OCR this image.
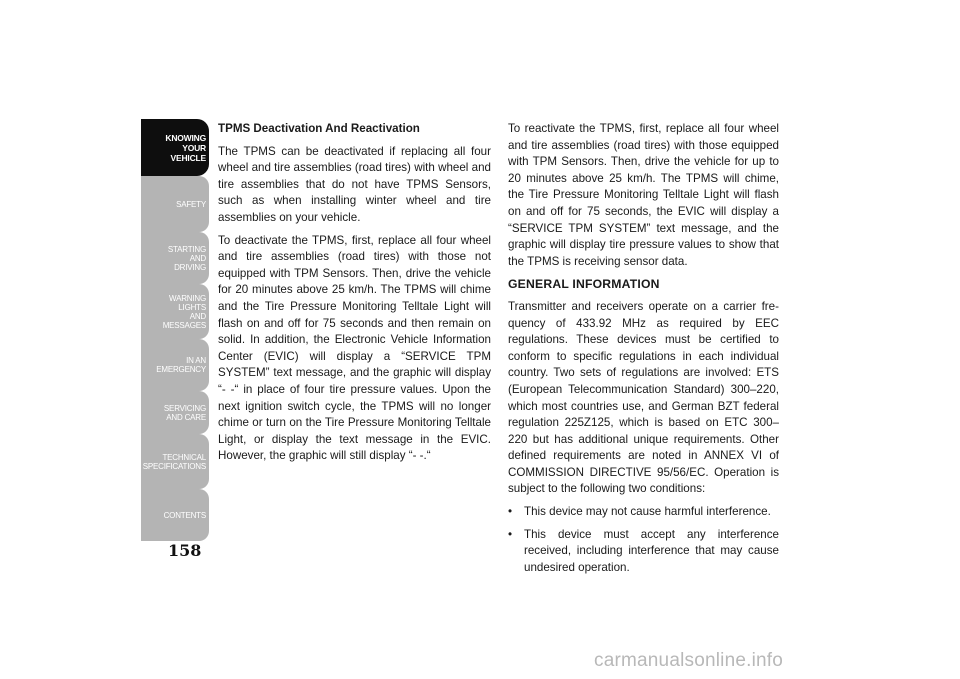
KNOWING
YOUR
VEHICLE
SAFETY
STARTING
AND
DRIVING
WARNING
LIGHTS
AND
MESSAGES
IN AN
EMERGENCY
SERVICING
AND CARE
TECHNICAL
SPECIFICATIONS
CONTENTS
158

TPMS Deactivation And Reactivation

The TPMS can be deactivated if replacing all four wheel and tire assemblies (road tires) with wheel and tire assemblies that do not have TPMS Sensors, such as when installing winter wheel and tire assemblies on your vehicle.

To deactivate the TPMS, first, replace all four wheel and tire assemblies (road tires) with those not equipped with TPM Sensors. Then, drive the vehicle for 20 minutes above 25 km/h. The TPMS will chime and the Tire Pressure Monitoring Telltale Light will flash on and off for 75 seconds and then remain on solid. In addition, the Electronic Vehicle Information Center (EVIC) will display a “SERVICE TPM SYSTEM” text message, and the graphic will display “- -“ in place of four tire pressure values. Upon the next ignition switch cycle, the TPMS will no longer chime or turn on the Tire Pressure Monitoring Telltale Light, or display the text message in the EVIC. However, the graphic will still display “- -.“

To reactivate the TPMS, first, replace all four wheel and tire assemblies (road tires) with those equipped with TPM Sensors. Then, drive the vehicle for up to 20 minutes above 25 km/h. The TPMS will chime, the Tire Pressure Monitoring Telltale Light will flash on and off for 75 seconds, the EVIC will display a “SERVICE TPM SYSTEM” text message, and the graphic will display tire pressure values to show that the TPMS is receiving sensor data.

GENERAL INFORMATION

Transmitter and receivers operate on a carrier frequency of 433.92 MHz as required by EEC regulations. These devices must be certified to conform to specific regulations in each individual country. Two sets of regulations are involved: ETS (European Telecommunication Standard) 300–220, which most countries use, and German BZT federal regulation 225Z125, which is based on ETC 300–220 but has additional unique requirements. Other defined requirements are noted in ANNEX VI of COMMISSION DIRECTIVE 95/56/EC. Operation is subject to the following two conditions:

• This device may not cause harmful interference.
• This device must accept any interference received, including interference that may cause undesired operation.
carmanualsonline.info
